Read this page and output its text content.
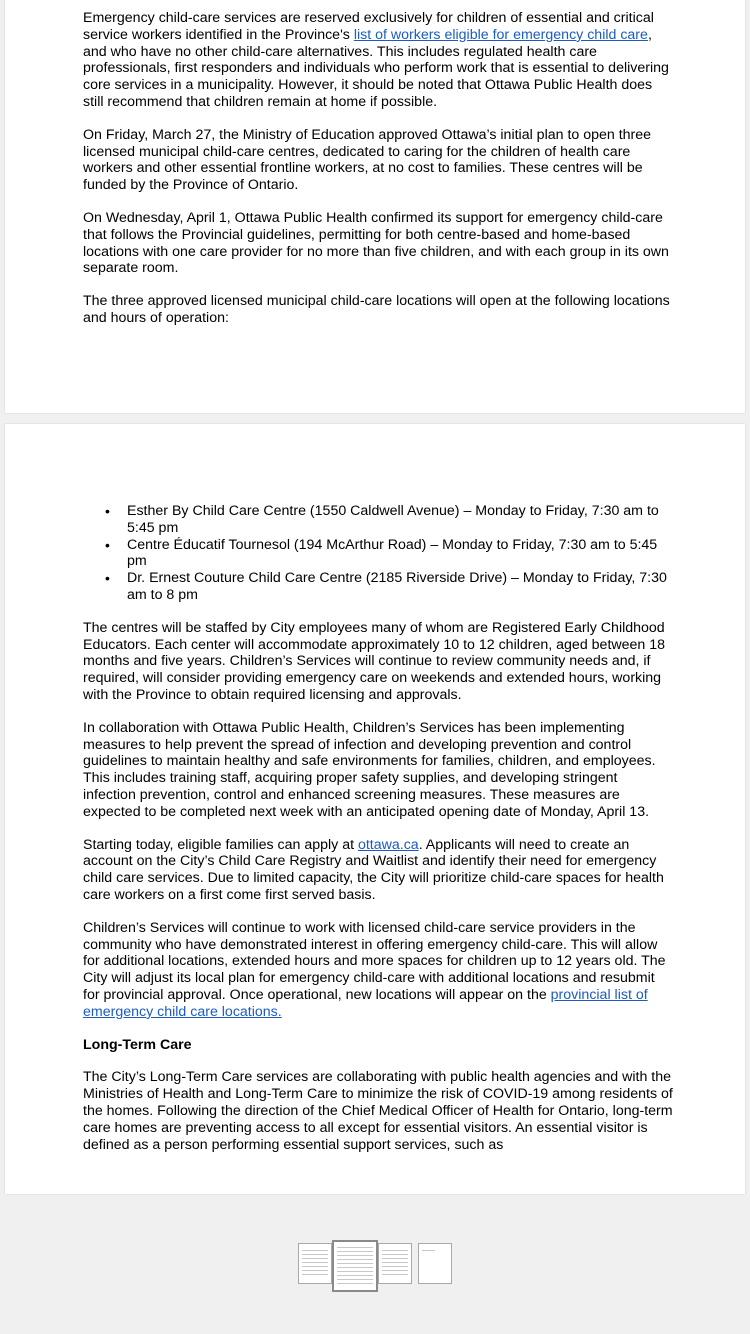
Emergency child-care services are reserved exclusively for children of essential and critical service workers identified in the Province's list of workers eligible for emergency child care, and who have no other child-care alternatives. This includes regulated health care professionals, first responders and individuals who perform work that is essential to delivering core services in a municipality. However, it should be noted that Ottawa Public Health does still recommend that children remain at home if possible.

On Friday, March 27, the Ministry of Education approved Ottawa’s initial plan to open three licensed municipal child-care centres, dedicated to caring for the children of health care workers and other essential frontline workers, at no cost to families. These centres will be funded by the Province of Ontario.

On Wednesday, April 1, Ottawa Public Health confirmed its support for emergency child-care that follows the Provincial guidelines, permitting for both centre-based and home-based locations with one care provider for no more than five children, and with each group in its own separate room.

The three approved licensed municipal child-care locations will open at the following locations and hours of operation:

• Esther By Child Care Centre (1550 Caldwell Avenue) – Monday to Friday, 7:30 am to 5:45 pm
• Centre Éducatif Tournesol (194 McArthur Road) – Monday to Friday, 7:30 am to 5:45 pm
• Dr. Ernest Couture Child Care Centre (2185 Riverside Drive) – Monday to Friday, 7:30 am to 8 pm

The centres will be staffed by City employees many of whom are Registered Early Childhood Educators. Each center will accommodate approximately 10 to 12 children, aged between 18 months and five years. Children’s Services will continue to review community needs and, if required, will consider providing emergency care on weekends and extended hours, working with the Province to obtain required licensing and approvals.

In collaboration with Ottawa Public Health, Children’s Services has been implementing measures to help prevent the spread of infection and developing prevention and control guidelines to maintain healthy and safe environments for families, children, and employees. This includes training staff, acquiring proper safety supplies, and developing stringent infection prevention, control and enhanced screening measures. These measures are expected to be completed next week with an anticipated opening date of Monday, April 13.

Starting today, eligible families can apply at ottawa.ca. Applicants will need to create an account on the City’s Child Care Registry and Waitlist and identify their need for emergency child care services. Due to limited capacity, the City will prioritize child-care spaces for health care workers on a first come first served basis.

Children’s Services will continue to work with licensed child-care service providers in the community who have demonstrated interest in offering emergency child-care. This will allow for additional locations, extended hours and more spaces for children up to 12 years old. The City will adjust its local plan for emergency child-care with additional locations and resubmit for provincial approval. Once operational, new locations will appear on the provincial list of emergency child care locations.

Long-Term Care

The City’s Long-Term Care services are collaborating with public health agencies and with the Ministries of Health and Long-Term Care to minimize the risk of COVID-19 among residents of the homes. Following the direction of the Chief Medical Officer of Health for Ontario, long-term care homes are preventing access to all except for essential visitors. An essential visitor is defined as a person performing essential support services, such as
